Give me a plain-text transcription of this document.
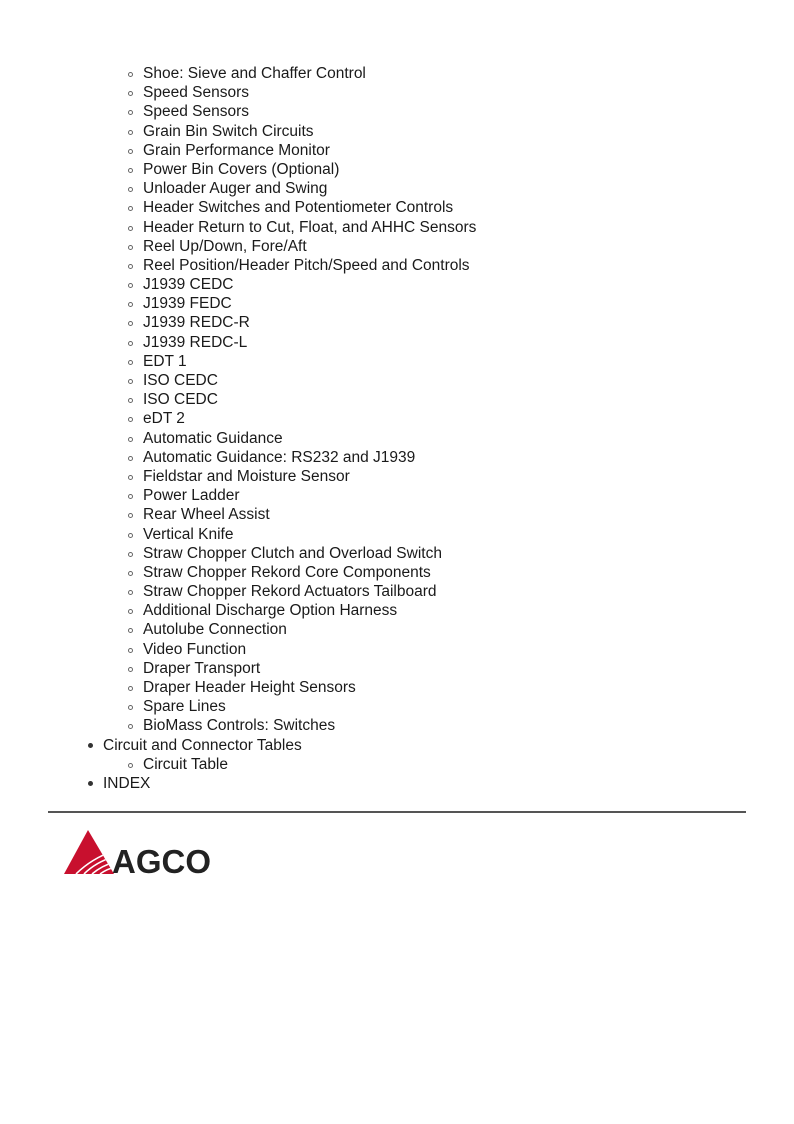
Shoe: Sieve and Chaffer Control
Speed Sensors
Speed Sensors
Grain Bin Switch Circuits
Grain Performance Monitor
Power Bin Covers (Optional)
Unloader Auger and Swing
Header Switches and Potentiometer Controls
Header Return to Cut, Float, and AHHC Sensors
Reel Up/Down, Fore/Aft
Reel Position/Header Pitch/Speed and Controls
J1939 CEDC
J1939 FEDC
J1939 REDC-R
J1939 REDC-L
EDT 1
ISO CEDC
ISO CEDC
eDT 2
Automatic Guidance
Automatic Guidance: RS232 and J1939
Fieldstar and Moisture Sensor
Power Ladder
Rear Wheel Assist
Vertical Knife
Straw Chopper Clutch and Overload Switch
Straw Chopper Rekord Core Components
Straw Chopper Rekord Actuators Tailboard
Additional Discharge Option Harness
Autolube Connection
Video Function
Draper Transport
Draper Header Height Sensors
Spare Lines
BioMass Controls: Switches
Circuit and Connector Tables
Circuit Table
INDEX
AGCO
